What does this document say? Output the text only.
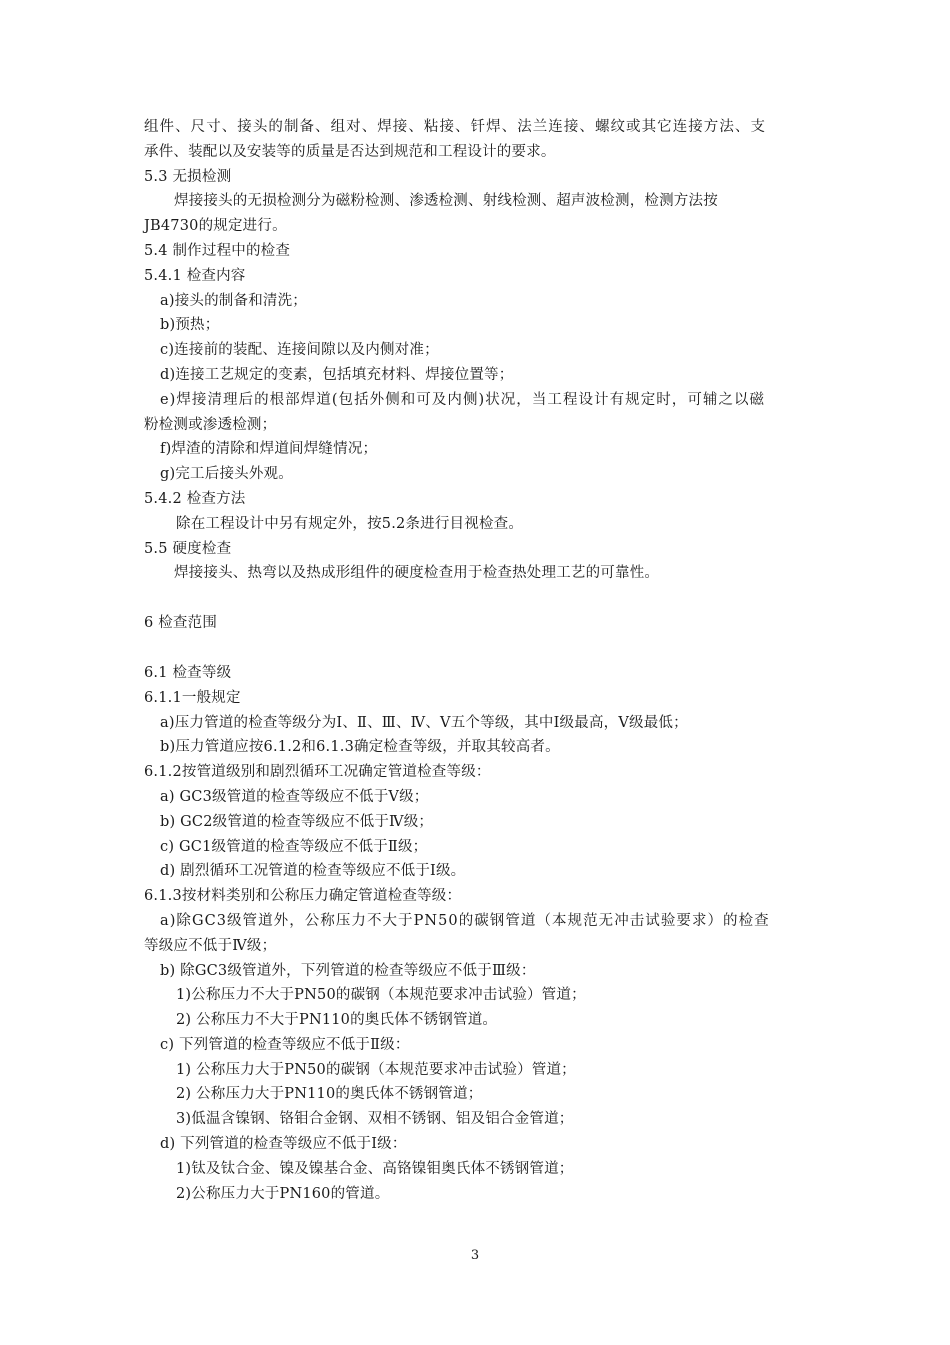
组件、尺寸、接头的制备、组对、焊接、粘接、钎焊、法兰连接、螺纹或其它连接方法、支
承件、装配以及安装等的质量是否达到规范和工程设计的要求。
5.3 无损检测
焊接接头的无损检测分为磁粉检测、渗透检测、射线检测、超声波检测，检测方法按
JB4730的规定进行。
5.4 制作过程中的检查
5.4.1 检查内容
a)接头的制备和清洗；
b)预热；
c)连接前的装配、连接间隙以及内侧对准；
d)连接工艺规定的变素，包括填充材料、焊接位置等；
e)焊接清理后的根部焊道(包括外侧和可及内侧)状况，当工程设计有规定时，可辅之以磁
粉检测或渗透检测；
f)焊渣的清除和焊道间焊缝情况；
g)完工后接头外观。
5.4.2 检查方法
除在工程设计中另有规定外，按5.2条进行目视检查。
5.5 硬度检查
焊接接头、热弯以及热成形组件的硬度检查用于检查热处理工艺的可靠性。
6 检查范围
6.1 检查等级
6.1.1一般规定
a)压力管道的检查等级分为Ⅰ、Ⅱ、Ⅲ、Ⅳ、Ⅴ五个等级，其中Ⅰ级最高，Ⅴ级最低；
b)压力管道应按6.1.2和6.1.3确定检查等级，并取其较高者。
6.1.2按管道级别和剧烈循环工况确定管道检查等级：
a) GC3级管道的检查等级应不低于Ⅴ级；
b) GC2级管道的检查等级应不低于Ⅳ级；
c) GC1级管道的检查等级应不低于Ⅱ级；
d) 剧烈循环工况管道的检查等级应不低于Ⅰ级。
6.1.3按材料类别和公称压力确定管道检查等级：
a)除GC3级管道外，公称压力不大于PN50的碳钢管道（本规范无冲击试验要求）的检查
等级应不低于Ⅳ级；
b) 除GC3级管道外，下列管道的检查等级应不低于Ⅲ级：
1)公称压力不大于PN50的碳钢（本规范要求冲击试验）管道；
2) 公称压力不大于PN110的奥氏体不锈钢管道。
c) 下列管道的检查等级应不低于Ⅱ级：
1) 公称压力大于PN50的碳钢（本规范要求冲击试验）管道；
2) 公称压力大于PN110的奥氏体不锈钢管道；
3)低温含镍钢、铬钼合金钢、双相不锈钢、铝及铝合金管道；
d) 下列管道的检查等级应不低于Ⅰ级：
1)钛及钛合金、镍及镍基合金、高铬镍钼奥氏体不锈钢管道；
2)公称压力大于PN160的管道。
3
